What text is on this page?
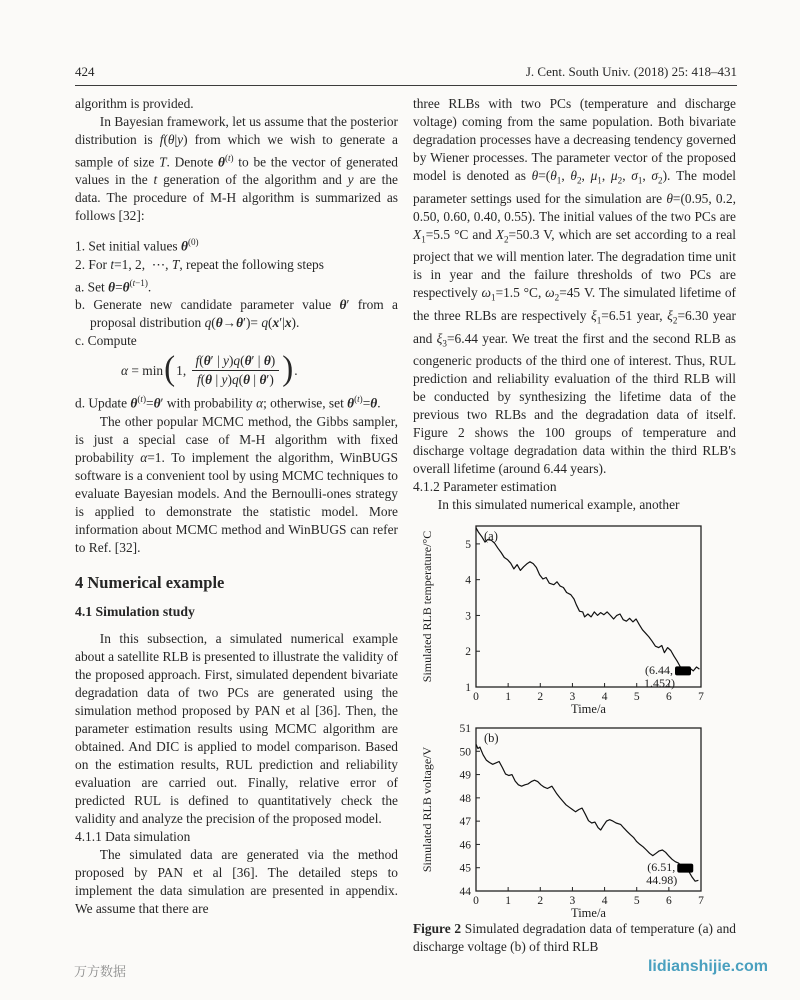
424	J. Cent. South Univ. (2018) 25: 418–431

algorithm is provided.

In Bayesian framework, let us assume that the posterior distribution is f(θ|y) from which we wish to generate a sample of size T. Denote $\theta^{(t)}$ to be the vector of generated values in the t generation of the algorithm and y are the data. The procedure of M-H algorithm is summarized as follows [32]:

1. Set initial values $\theta^{(0)}$

2. For t=1, 2,  ⋯, T, repeat the following steps

a. Set $\theta=\theta^{(t-1)}$.

b. Generate new candidate parameter value θ′ from a proposal distribution q(θ→θ′)= q(x′|x).

c. Compute

α = min ( 1, $\frac{f(\theta' | y)q(\theta' | \theta)}{f(\theta | y)q(\theta | \theta')}$ ) .

d. Update $\theta^{(t)}=\theta'$ with probability α; otherwise, set $\theta^{(t)}=\theta$.

The other popular MCMC method, the Gibbs sampler, is just a special case of M-H algorithm with fixed probability α=1. To implement the algorithm, WinBUGS software is a convenient tool by using MCMC techniques to evaluate Bayesian models. And the Bernoulli-ones strategy is applied to demonstrate the statistic model. More information about MCMC method and WinBUGS can refer to Ref. [32].

4 Numerical example
4.1 Simulation study

In this subsection, a simulated numerical example about a satellite RLB is presented to illustrate the validity of the proposed approach. First, simulated dependent bivariate degradation data of two PCs are generated using the simulation method proposed by PAN et al [36]. Then, the parameter estimation results using MCMC algorithm are obtained. And DIC is applied to model comparison. Based on the estimation results, RUL prediction and reliability evaluation are carried out. Finally, relative error of predicted RUL is defined to quantitatively check the validity and analyze the precision of the proposed model.

4.1.1 Data simulation

The simulated data are generated via the method proposed by PAN et al [36]. The detailed steps to implement the data simulation are presented in appendix. We assume that there are

three RLBs with two PCs (temperature and discharge voltage) coming from the same population. Both bivariate degradation processes have a decreasing tendency governed by Wiener processes. The parameter vector of the proposed model is denoted as $\theta=(\theta_1$, $\theta_2$, $\mu_1$, $\mu_2$, $\sigma_1$, $\sigma_2$). The model parameter settings used for the simulation are θ=(0.95, 0.2, 0.50, 0.60, 0.40, 0.55). The initial values of the two PCs are $X_1=5.5$ °C and $X_2=50.3$ V, which are set according to a real project that we will mention later. The degradation time unit is in year and the failure thresholds of two PCs are respectively $\omega_1=1.5$ °C, $\omega_2=45$ V. The simulated lifetime of the three RLBs are respectively $\xi_1=6.51$ year, $\xi_2=6.30$ year and $\xi_3=6.44$ year. We treat the first and the second RLB as congeneric products of the third one of interest. Thus, RUL prediction and reliability evaluation of the third RLB will be conducted by synthesizing the lifetime data of the previous two RLBs and the degradation data of itself. Figure 2 shows the 100 groups of temperature and discharge voltage degradation data within the third RLB's overall lifetime (around 6.44 years).

4.1.2 Parameter estimation

In this simulated numerical example, another

0 1 2 3 4 5 6 7
1
2
3
4
5
Time/a
Simulated RLB temperature/°C	(a)
(6.44,
1.452)
0 1 2 3 4 5 6 7
44
45
46
47
48
49
50
51
Time/a
Simulated RLB voltage/V
(b)
(6.51,
44.98)

Figure 2 Simulated degradation data of temperature (a) and discharge voltage (b) of third RLB

万方数据	lidianshijie.com
